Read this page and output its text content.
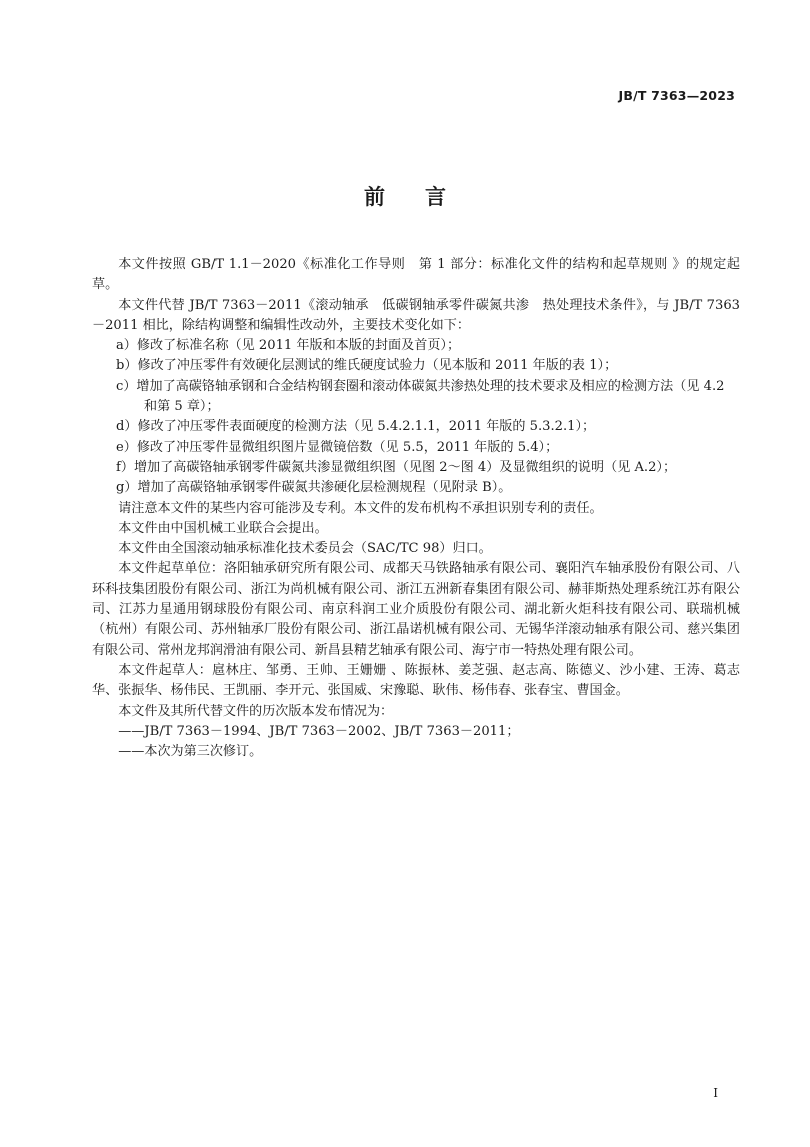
JB/T 7363—2023
前 言

本文件按照 GB/T 1.1－2020《标准化工作导则　第 1 部分：标准化文件的结构和起草规则 》的规定起草。

本文件代替 JB/T 7363－2011《滚动轴承　低碳钢轴承零件碳氮共渗　热处理技术条件》，与 JB/T 7363－2011 相比，除结构调整和编辑性改动外，主要技术变化如下：

a）修改了标准名称（见 2011 年版和本版的封面及首页）；

b）修改了冲压零件有效硬化层测试的维氏硬度试验力（见本版和 2011 年版的表 1）；

c）增加了高碳铬轴承钢和合金结构钢套圈和滚动体碳氮共渗热处理的技术要求及相应的检测方法（见 4.2 和第 5 章）；

d）修改了冲压零件表面硬度的检测方法（见 5.4.2.1.1，2011 年版的 5.3.2.1）；

e）修改了冲压零件显微组织图片显微镜倍数（见 5.5，2011 年版的 5.4）；

f）增加了高碳铬轴承钢零件碳氮共渗显微组织图（见图 2～图 4）及显微组织的说明（见 A.2）；

g）增加了高碳铬轴承钢零件碳氮共渗硬化层检测规程（见附录 B）。

请注意本文件的某些内容可能涉及专利。本文件的发布机构不承担识别专利的责任。

本文件由中国机械工业联合会提出。

本文件由全国滚动轴承标准化技术委员会（SAC/TC 98）归口。

本文件起草单位：洛阳轴承研究所有限公司、成都天马铁路轴承有限公司、襄阳汽车轴承股份有限公司、八环科技集团股份有限公司、浙江为尚机械有限公司、浙江五洲新春集团有限公司、赫菲斯热处理系统江苏有限公司、江苏力星通用钢球股份有限公司、南京科润工业介质股份有限公司、湖北新火炬科技有限公司、联瑞机械（杭州）有限公司、苏州轴承厂股份有限公司、浙江晶诺机械有限公司、无锡华洋滚动轴承有限公司、慈兴集团有限公司、常州龙邦润滑油有限公司、新昌县精艺轴承有限公司、海宁市一特热处理有限公司。

本文件起草人：扈林庄、邹勇、王帅、王姗姗 、陈振林、姜芝强、赵志高、陈德义、沙小建、王涛、葛志华、张振华、杨伟民、王凯丽、李开元、张国威、宋豫聪、耿伟、杨伟春、张春宝、曹国金。

本文件及其所代替文件的历次版本发布情况为：

——JB/T 7363－1994、JB/T 7363－2002、JB/T 7363－2011；

——本次为第三次修订。

I
